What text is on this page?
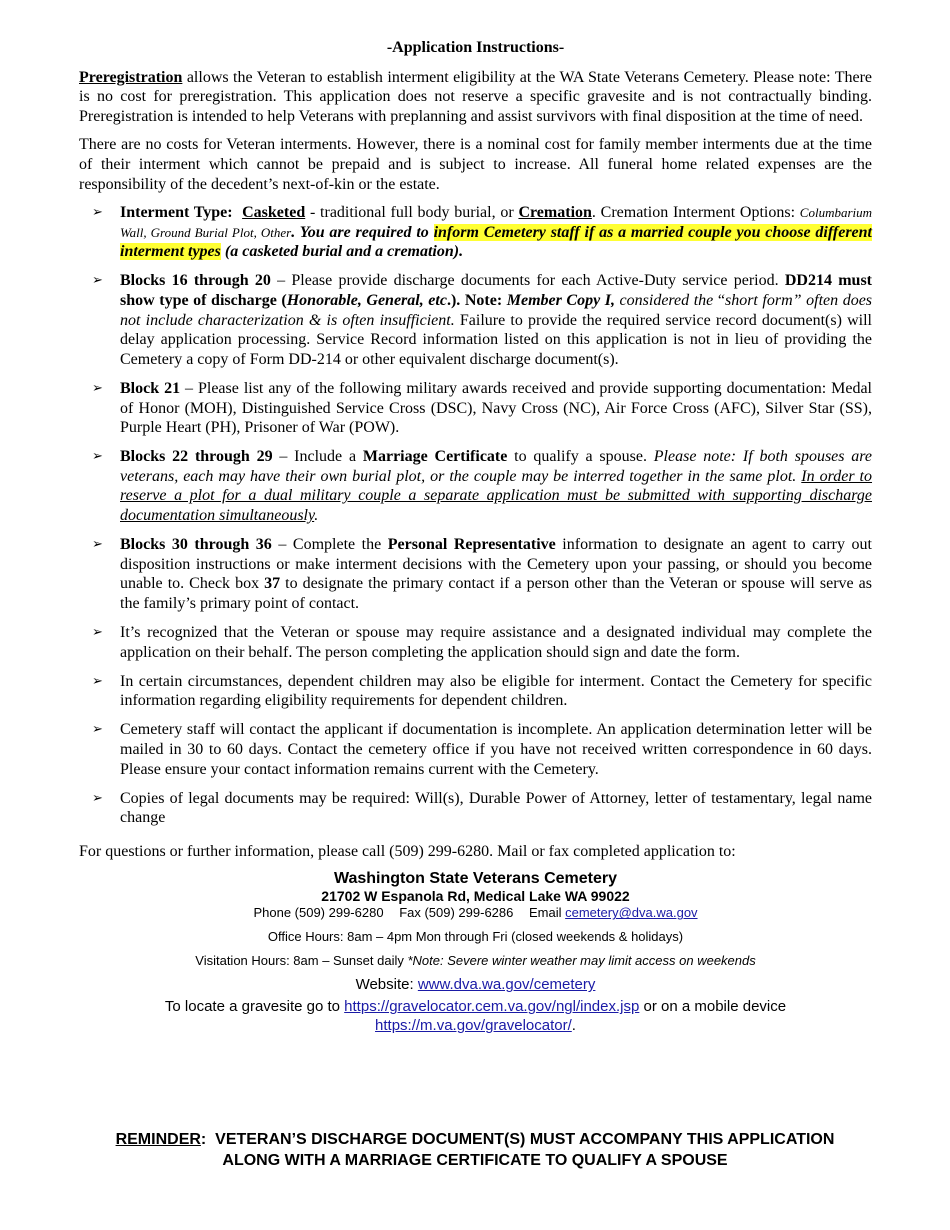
-Application Instructions-

Preregistration allows the Veteran to establish interment eligibility at the WA State Veterans Cemetery. Please note: There is no cost for preregistration. This application does not reserve a specific gravesite and is not contractually binding. Preregistration is intended to help Veterans with preplanning and assist survivors with final disposition at the time of need.

There are no costs for Veteran interments. However, there is a nominal cost for family member interments due at the time of their interment which cannot be prepaid and is subject to increase. All funeral home related expenses are the responsibility of the decedent’s next-of-kin or the estate.

➢ Interment Type: Casketed - traditional full body burial, or Cremation. Cremation Interment Options: Columbarium Wall, Ground Burial Plot, Other. You are required to inform Cemetery staff if as a married couple you choose different interment types (a casketed burial and a cremation).
➢ Blocks 16 through 20 – Please provide discharge documents for each Active-Duty service period. DD214 must show type of discharge (Honorable, General, etc.). Note: Member Copy I, considered the “short form” often does not include characterization & is often insufficient. Failure to provide the required service record document(s) will delay application processing. Service Record information listed on this application is not in lieu of providing the Cemetery a copy of Form DD-214 or other equivalent discharge document(s).
➢ Block 21 – Please list any of the following military awards received and provide supporting documentation: Medal of Honor (MOH), Distinguished Service Cross (DSC), Navy Cross (NC), Air Force Cross (AFC), Silver Star (SS), Purple Heart (PH), Prisoner of War (POW).
➢ Blocks 22 through 29 – Include a Marriage Certificate to qualify a spouse. Please note: If both spouses are veterans, each may have their own burial plot, or the couple may be interred together in the same plot. In order to reserve a plot for a dual military couple a separate application must be submitted with supporting discharge documentation simultaneously.
➢ Blocks 30 through 36 – Complete the Personal Representative information to designate an agent to carry out disposition instructions or make interment decisions with the Cemetery upon your passing, or should you become unable to. Check box 37 to designate the primary contact if a person other than the Veteran or spouse will serve as the family’s primary point of contact.
➢ It’s recognized that the Veteran or spouse may require assistance and a designated individual may complete the application on their behalf. The person completing the application should sign and date the form.
➢ In certain circumstances, dependent children may also be eligible for interment. Contact the Cemetery for specific information regarding eligibility requirements for dependent children.
➢ Cemetery staff will contact the applicant if documentation is incomplete. An application determination letter will be mailed in 30 to 60 days. Contact the cemetery office if you have not received written correspondence in 60 days. Please ensure your contact information remains current with the Cemetery.
➢ Copies of legal documents may be required: Will(s), Durable Power of Attorney, letter of testamentary, legal name change

For questions or further information, please call (509) 299-6280. Mail or fax completed application to:

Washington State Veterans Cemetery
21702 W Espanola Rd, Medical Lake WA 99022
Phone (509) 299-6280 Fax (509) 299-6286 Email cemetery@dva.wa.gov
Office Hours: 8am – 4pm Mon through Fri (closed weekends & holidays)
Visitation Hours: 8am – Sunset daily *Note: Severe winter weather may limit access on weekends
Website: www.dva.wa.gov/cemetery
To locate a gravesite go to https://gravelocator.cem.va.gov/ngl/index.jsp or on a mobile device
https://m.va.gov/gravelocator/.
REMINDER:  VETERAN’S DISCHARGE DOCUMENT(S) MUST ACCOMPANY THIS APPLICATION
ALONG WITH A MARRIAGE CERTIFICATE TO QUALIFY A SPOUSE
